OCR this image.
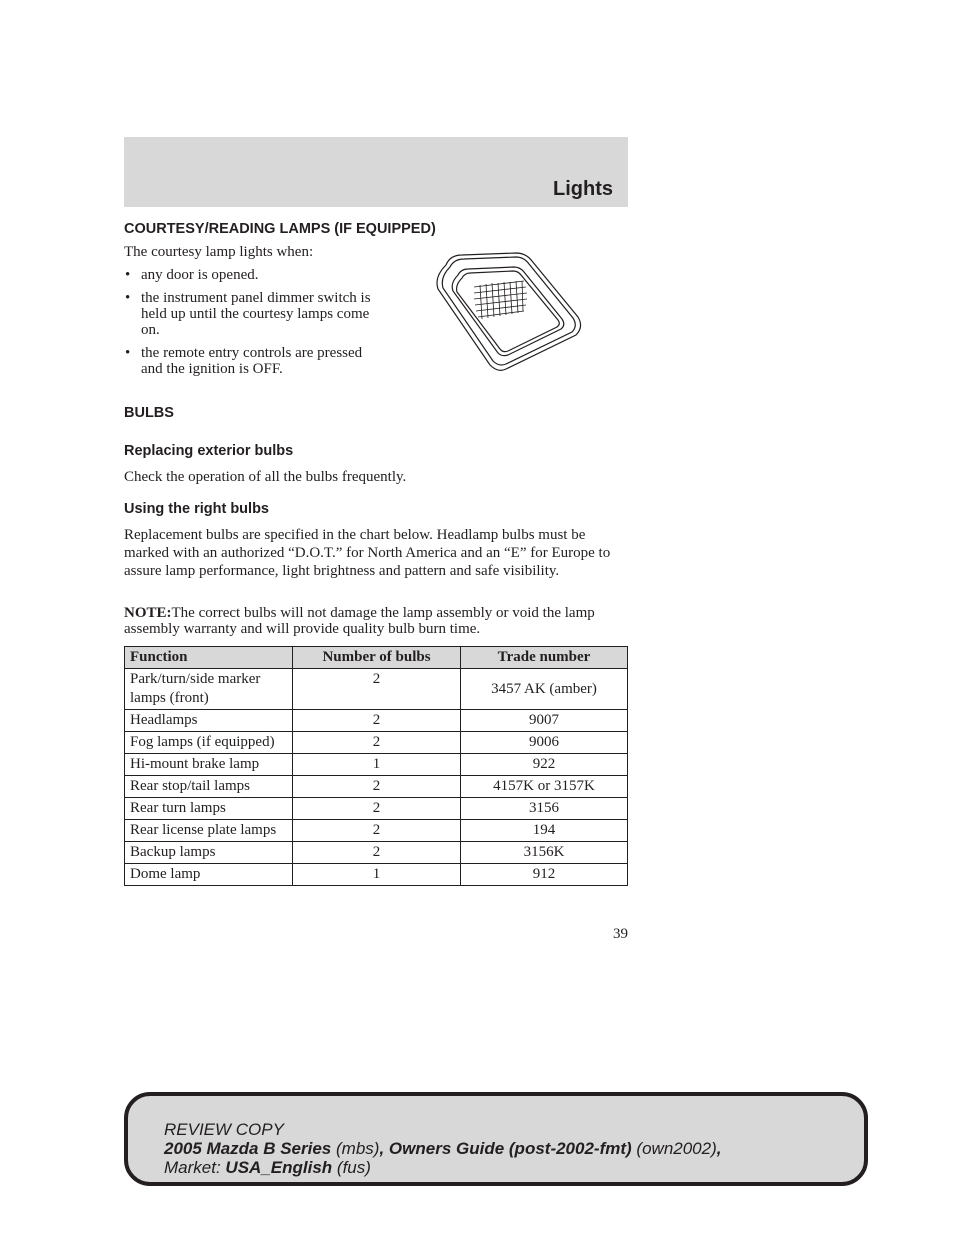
Lights
COURTESY/READING LAMPS (IF EQUIPPED)
The courtesy lamp lights when:
• any door is opened.
• the instrument panel dimmer switch is held up until the courtesy lamps come on.
• the remote entry controls are pressed and the ignition is OFF.
BULBS
Replacing exterior bulbs
Check the operation of all the bulbs frequently.
Using the right bulbs
Replacement bulbs are specified in the chart below. Headlamp bulbs must be marked with an authorized “D.O.T.” for North America and an “E” for Europe to assure lamp performance, light brightness and pattern and safe visibility.
NOTE:The correct bulbs will not damage the lamp assembly or void the lamp assembly warranty and will provide quality bulb burn time.
Function	Number of bulbs	Trade number
Park/turn/side marker lamps (front)	2	3457 AK (amber)
Headlamps	2	9007
Fog lamps (if equipped)	2	9006
Hi-mount brake lamp	1	922
Rear stop/tail lamps	2	4157K or 3157K
Rear turn lamps	2	3156
Rear license plate lamps	2	194
Backup lamps	2	3156K
Dome lamp	1	912
39
REVIEW COPY
2005 Mazda B Series (mbs), Owners Guide (post-2002-fmt) (own2002),
Market: USA_English (fus)
